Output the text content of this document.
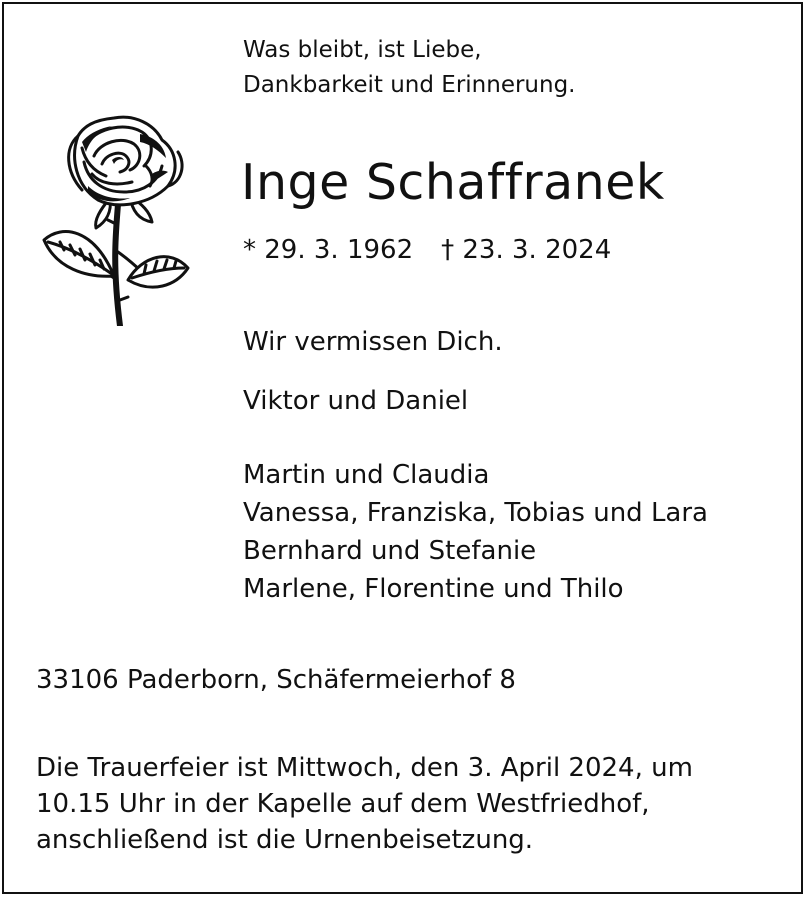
Was bleibt, ist Liebe,
Dankbarkeit und Erinnerung.
Inge Schaffranek
* 29. 3. 1962 † 23. 3. 2024
Wir vermissen Dich.
Viktor und Daniel
Martin und Claudia
Vanessa, Franziska, Tobias und Lara
Bernhard und Stefanie
Marlene, Florentine und Thilo
33106 Paderborn, Schäfermeierhof 8
Die Trauerfeier ist Mittwoch, den 3. April 2024, um
10.15 Uhr in der Kapelle auf dem Westfriedhof,
anschließend ist die Urnenbeisetzung.
